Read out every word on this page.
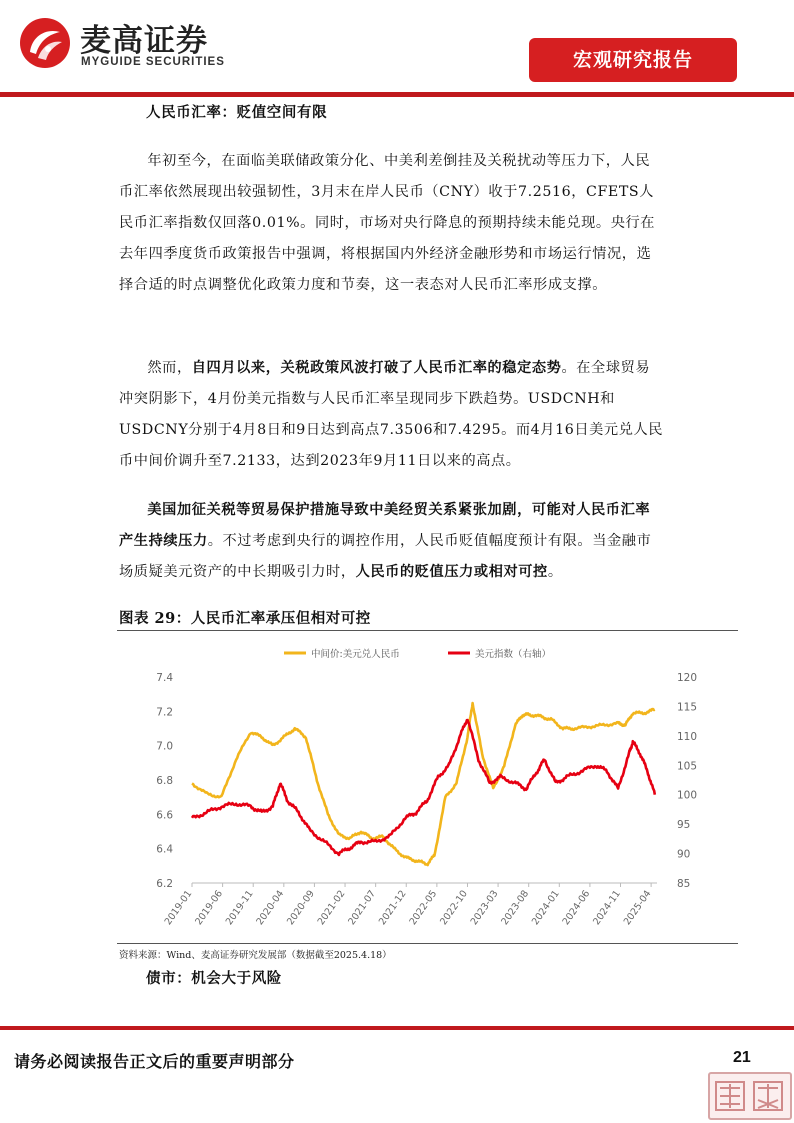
麦高证券
MYGUIDE SECURITIES	宏观研究报告
人民币汇率：贬值空间有限

年初至今，在面临美联储政策分化、中美利差倒挂及关税扰动等压力下，人民币汇率依然展现出较强韧性，3月末在岸人民币（CNY）收于7.2516，CFETS人民币汇率指数仅回落0.01%。同时，市场对央行降息的预期持续未能兑现。央行在去年四季度货币政策报告中强调，将根据国内外经济金融形势和市场运行情况，选择合适的时点调整优化政策力度和节奏，这一表态对人民币汇率形成支撑。

然而，自四月以来，关税政策风波打破了人民币汇率的稳定态势。在全球贸易冲突阴影下，4月份美元指数与人民币汇率呈现同步下跌趋势。USDCNH和USDCNY分别于4月8日和9日达到高点7.3506和7.4295。而4月16日美元兑人民币中间价调升至7.2133，达到2023年9月11日以来的高点。

美国加征关税等贸易保护措施导致中美经贸关系紧张加剧，可能对人民币汇率产生持续压力。不过考虑到央行的调控作用，人民币贬值幅度预计有限。当金融市场质疑美元资产的中长期吸引力时，人民币的贬值压力或相对可控。

图表 29：人民币汇率承压但相对可控
中间价:美元兑人民币	美元指数（右轴）
6.2
6.4
6.6
6.8
7.0
7.2
7.4
85
90
95
100
105
110
115
120
2019-01
2019-06
2019-11
2020-04
2020-09
2021-02
2021-07
2021-12
2022-05
2022-10
2023-03
2023-08
2024-01
2024-06
2024-11
2025-04
资料来源：Wind、麦高证券研究发展部（数据截至2025.4.18）
债市：机会大于风险
请务必阅读报告正文后的重要声明部分	21
